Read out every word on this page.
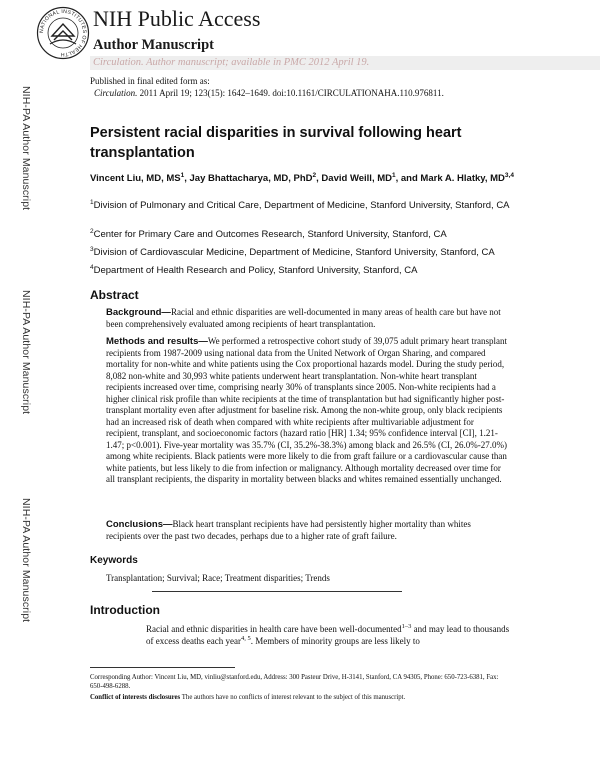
NIH-PA Author Manuscript
NIH-PA Author Manuscript
NIH-PA Author Manuscript
NATIONAL INSTITUTES OF HEALTH
NIH Public Access
Author Manuscript
Circulation. Author manuscript; available in PMC 2012 April 19.
Published in final edited form as:
Circulation. 2011 April 19; 123(15): 1642–1649. doi:10.1161/CIRCULATIONAHA.110.976811.
Persistent racial disparities in survival following heart transplantation
Vincent Liu, MD, $MS^1$, Jay Bhattacharya, MD, PhD$^2$, David Weill, $MD^1$, and Mark A. Hlatky, MD$^{3,4}$
$^1$Division of Pulmonary and Critical Care, Department of Medicine, Stanford University, Stanford, CA
$^2$Center for Primary Care and Outcomes Research, Stanford University, Stanford, CA
$^3$Division of Cardiovascular Medicine, Department of Medicine, Stanford University, Stanford, CA
$^4$Department of Health Research and Policy, Stanford University, Stanford, CA
Abstract
Background—Racial and ethnic disparities are well-documented in many areas of health care but have not been comprehensively evaluated among recipients of heart transplantation.
Methods and results—We performed a retrospective cohort study of 39,075 adult primary heart transplant recipients from 1987-2009 using national data from the United Network of Organ Sharing, and compared mortality for non-white and white patients using the Cox proportional hazards model. During the study period, 8,082 non-white and 30,993 white patients underwent heart transplantation. Non-white heart transplant recipients increased over time, comprising nearly 30% of transplants since 2005. Non-white recipients had a higher clinical risk profile than white recipients at the time of transplantation but had significantly higher post-transplant mortality even after adjustment for baseline risk. Among the non-white group, only black recipients had an increased risk of death when compared with white recipients after multivariable adjustment for recipient, transplant, and socioeconomic factors (hazard ratio [HR] 1.34; 95% confidence interval [CI], 1.21-1.47; p<0.001). Five-year mortality was 35.7% (CI, 35.2%-38.3%) among black and 26.5% (CI, 26.0%-27.0%) among white recipients. Black patients were more likely to die from graft failure or a cardiovascular cause than white patients, but less likely to die from infection or malignancy. Although mortality decreased over time for all transplant recipients, the disparity in mortality between blacks and whites remained essentially unchanged.
Conclusions—Black heart transplant recipients have had persistently higher mortality than whites recipients over the past two decades, perhaps due to a higher rate of graft failure.
Keywords
Transplantation; Survival; Race; Treatment disparities; Trends
Introduction
Racial and ethnic disparities in health care have been well-documented$^{1-3}$ and may lead to thousands of excess deaths each year$^{4, 5}$. Members of minority groups are less likely to
Corresponding Author: Vincent Liu, MD, vinliu@stanford.edu, Address: 300 Pasteur Drive, H-3141, Stanford, CA 94305, Phone: 650-723-6381, Fax: 650-498-6288.
Conflict of interests disclosures The authors have no conflicts of interest relevant to the subject of this manuscript.
